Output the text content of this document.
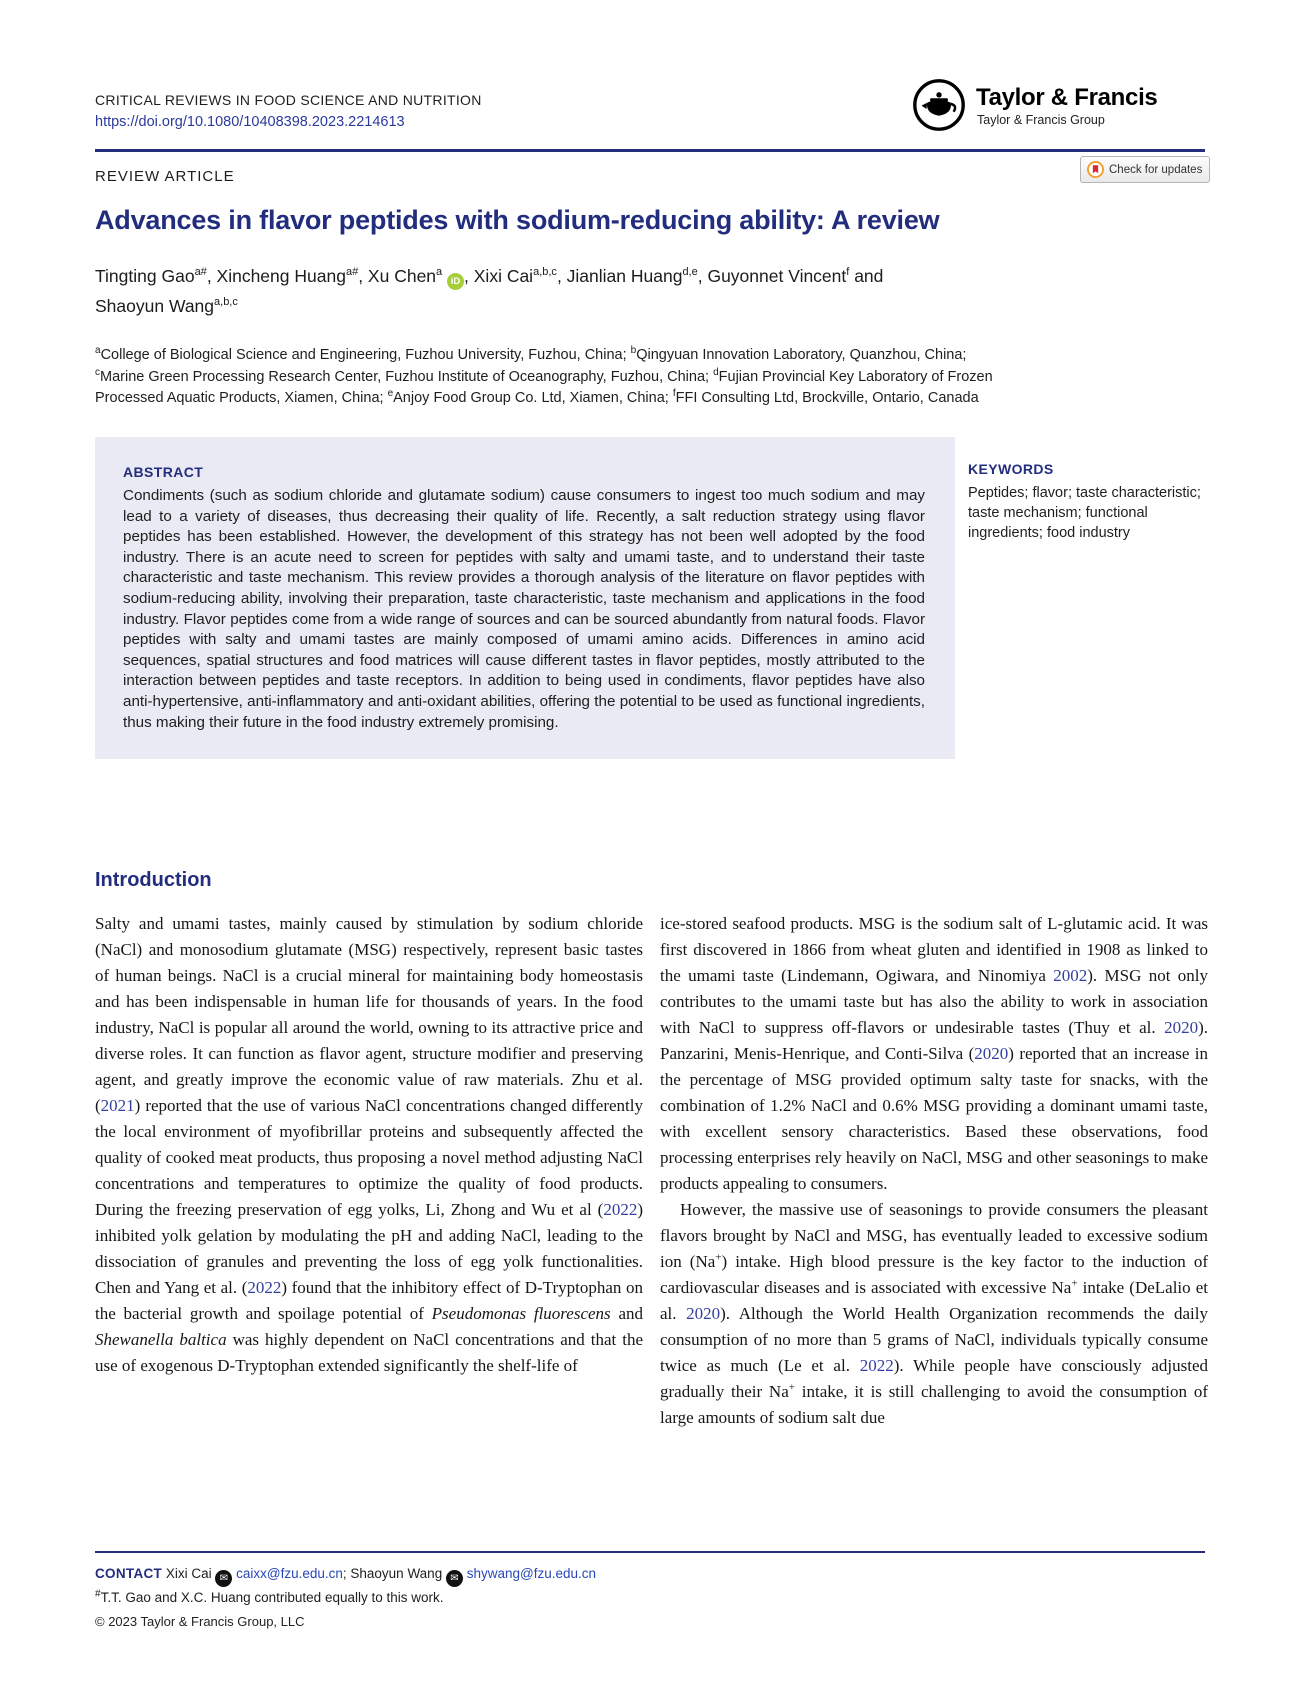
CRITICAL REVIEWS IN FOOD SCIENCE AND NUTRITION
https://doi.org/10.1080/10408398.2023.2214613
Taylor & Francis
Taylor & Francis Group
REVIEW ARTICLE	Check for updates
Advances in flavor peptides with sodium-reducing ability: A review
Tingting Gao$^{a\#}$, Xincheng Huang$^{a\#}$, Xu Chen$^a$ iD , Xixi Cai$^{a,b,c}$, Jianlian Huang$^{d,e}$, Guyonnet Vincent$^f$ and
Shaoyun Wang$^{a,b,c}$
$^a$College of Biological Science and Engineering, Fuzhou University, Fuzhou, China; $^b$Qingyuan Innovation Laboratory, Quanzhou, China;
$^c$Marine Green Processing Research Center, Fuzhou Institute of Oceanography, Fuzhou, China; $^d$Fujian Provincial Key Laboratory of Frozen
Processed Aquatic Products, Xiamen, China; $^e$Anjoy Food Group Co. Ltd, Xiamen, China; $^f$FFI Consulting Ltd, Brockville, Ontario, Canada
ABSTRACT
Condiments (such as sodium chloride and glutamate sodium) cause consumers to ingest too much sodium and may lead to a variety of diseases, thus decreasing their quality of life. Recently, a salt reduction strategy using flavor peptides has been established. However, the development of this strategy has not been well adopted by the food industry. There is an acute need to screen for peptides with salty and umami taste, and to understand their taste characteristic and taste mechanism. This review provides a thorough analysis of the literature on flavor peptides with sodium-reducing ability, involving their preparation, taste characteristic, taste mechanism and applications in the food industry. Flavor peptides come from a wide range of sources and can be sourced abundantly from natural foods. Flavor peptides with salty and umami tastes are mainly composed of umami amino acids. Differences in amino acid sequences, spatial structures and food matrices will cause different tastes in flavor peptides, mostly attributed to the interaction between peptides and taste receptors. In addition to being used in condiments, flavor peptides have also anti-hypertensive, anti-inflammatory and anti-oxidant abilities, offering the potential to be used as functional ingredients, thus making their future in the food industry extremely promising.
KEYWORDS
Peptides; flavor; taste characteristic; taste mechanism; functional ingredients; food industry
Introduction
Salty and umami tastes, mainly caused by stimulation by sodium chloride (NaCl) and monosodium glutamate (MSG) respectively, represent basic tastes of human beings. NaCl is a crucial mineral for maintaining body homeostasis and has been indispensable in human life for thousands of years. In the food industry, NaCl is popular all around the world, owning to its attractive price and diverse roles. It can function as flavor agent, structure modifier and preserving agent, and greatly improve the economic value of raw materials. Zhu et al. (2021) reported that the use of various NaCl concentrations changed differently the local environment of myofibrillar proteins and subsequently affected the quality of cooked meat products, thus proposing a novel method adjusting NaCl concentrations and temperatures to optimize the quality of food products. During the freezing preservation of egg yolks, Li, Zhong and Wu et al (2022) inhibited yolk gelation by modulating the pH and adding NaCl, leading to the dissociation of granules and preventing the loss of egg yolk functionalities. Chen and Yang et al. (2022) found that the inhibitory effect of D-Tryptophan on the bacterial growth and spoilage potential of Pseudomonas fluorescens and Shewanella baltica was highly dependent on NaCl concentrations and that the use of exogenous D-Tryptophan extended significantly the shelf-life of

ice-stored seafood products. MSG is the sodium salt of L-glutamic acid. It was first discovered in 1866 from wheat gluten and identified in 1908 as linked to the umami taste (Lindemann, Ogiwara, and Ninomiya 2002). MSG not only contributes to the umami taste but has also the ability to work in association with NaCl to suppress off-flavors or undesirable tastes (Thuy et al. 2020). Panzarini, Menis-Henrique, and Conti-Silva (2020) reported that an increase in the percentage of MSG provided optimum salty taste for snacks, with the combination of 1.2% NaCl and 0.6% MSG providing a dominant umami taste, with excellent sensory characteristics. Based these observations, food processing enterprises rely heavily on NaCl, MSG and other seasonings to make products appealing to consumers.

However, the massive use of seasonings to provide consumers the pleasant flavors brought by NaCl and MSG, has eventually leaded to excessive sodium ion (Na+) intake. High blood pressure is the key factor to the induction of cardiovascular diseases and is associated with excessive Na+ intake (DeLalio et al. 2020). Although the World Health Organization recommends the daily consumption of no more than 5 grams of NaCl, individuals typically consume twice as much (Le et al. 2022). While people have consciously adjusted gradually their Na+ intake, it is still challenging to avoid the consumption of large amounts of sodium salt due

CONTACT Xixi Cai ✉ caixx@fzu.edu.cn; Shaoyun Wang ✉ shywang@fzu.edu.cn
#T.T. Gao and X.C. Huang contributed equally to this work.
© 2023 Taylor & Francis Group, LLC
